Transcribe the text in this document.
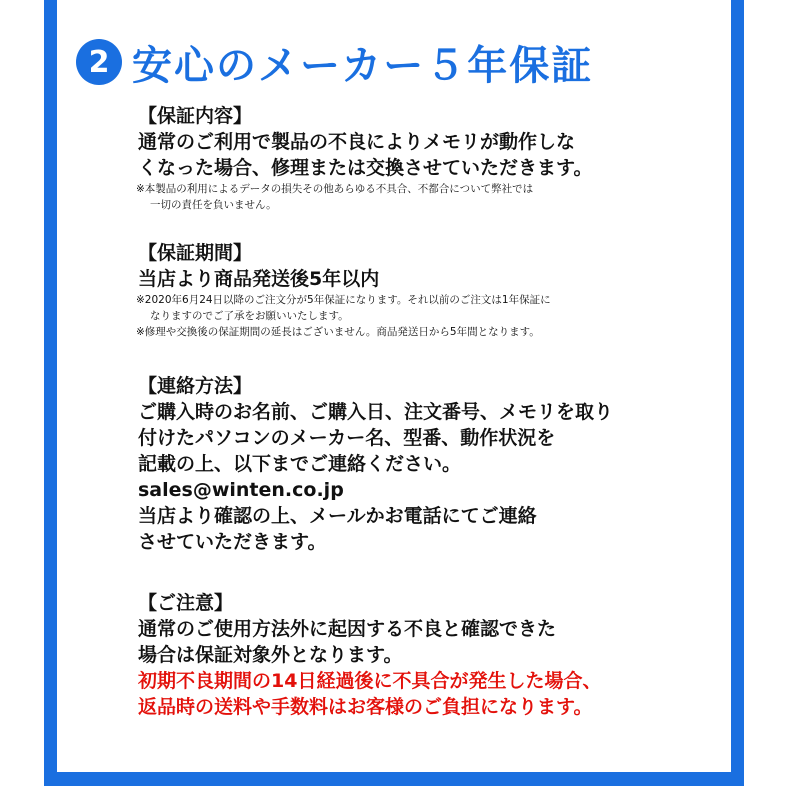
2 安心のメーカー５年保証
【保証内容】
通常のご利用で製品の不良によりメモリが動作しな
くなった場合、修理または交換させていただきます。
※本製品の利用によるデータの損失その他あらゆる不具合、不都合について弊社では
一切の責任を負いません。
【保証期間】
当店より商品発送後5年以内
※2020年6月24日以降のご注文分が5年保証になります。それ以前のご注文は1年保証に
なりますのでご了承をお願いいたします。
※修理や交換後の保証期間の延長はございません。商品発送日から5年間となります。
【連絡方法】
ご購入時のお名前、ご購入日、注文番号、メモリを取り
付けたパソコンのメーカー名、型番、動作状況を
記載の上、以下までご連絡ください。
sales@winten.co.jp
当店より確認の上、メールかお電話にてご連絡
させていただきます。
【ご注意】
通常のご使用方法外に起因する不良と確認できた
場合は保証対象外となります。
初期不良期間の14日経過後に不具合が発生した場合、
返品時の送料や手数料はお客様のご負担になります。
